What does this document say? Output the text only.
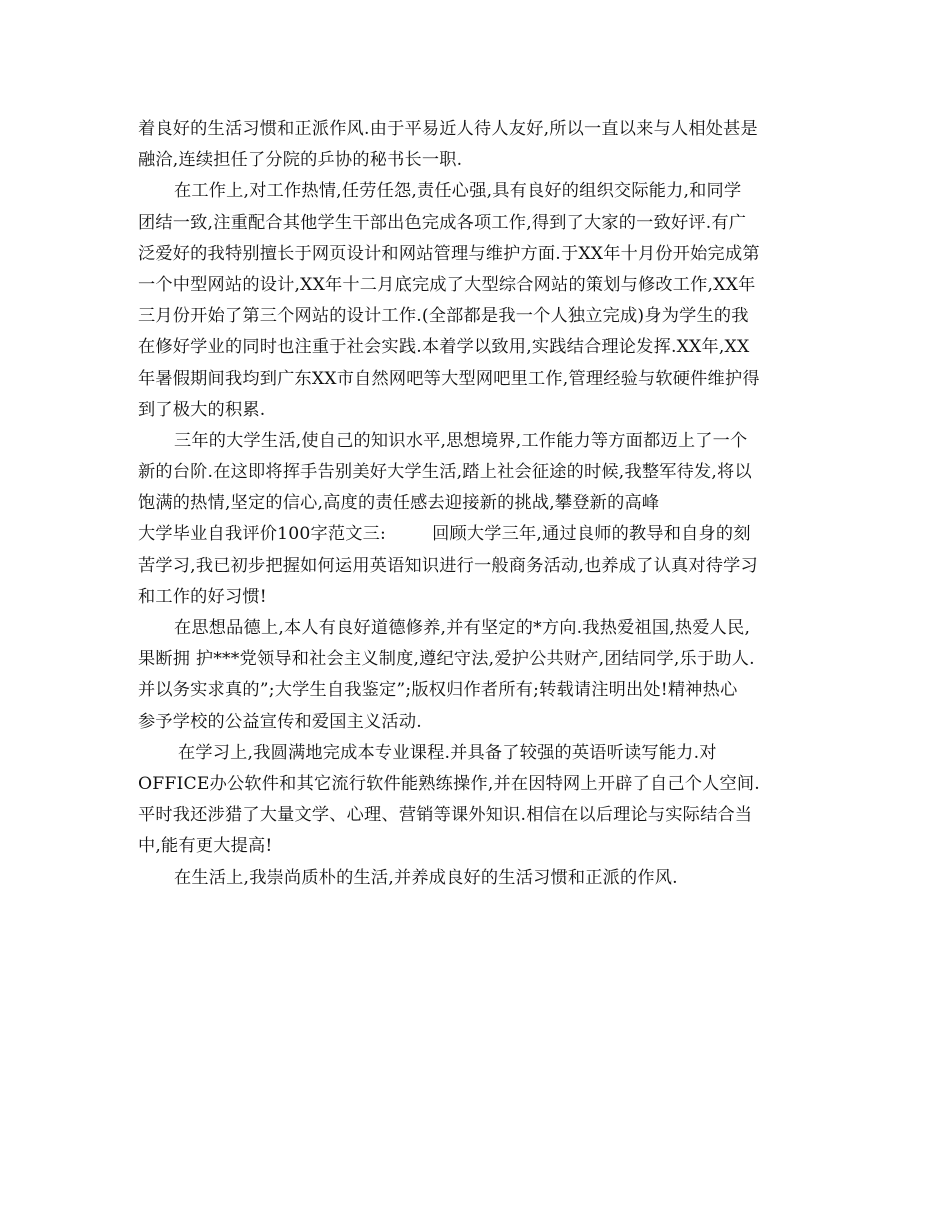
着良好的生活习惯和正派作风.由于平易近人待人友好,所以一直以来与人相处甚是
融洽,连续担任了分院的乒协的秘书长一职.
在工作上,对工作热情,任劳任怨,责任心强,具有良好的组织交际能力,和同学
团结一致,注重配合其他学生干部出色完成各项工作,得到了大家的一致好评.有广
泛爱好的我特别擅长于网页设计和网站管理与维护方面.于XX年十月份开始完成第
一个中型网站的设计,XX年十二月底完成了大型综合网站的策划与修改工作,XX年
三月份开始了第三个网站的设计工作.(全部都是我一个人独立完成)身为学生的我
在修好学业的同时也注重于社会实践.本着学以致用,实践结合理论发挥.XX年,XX
年暑假期间我均到广东XX市自然网吧等大型网吧里工作,管理经验与软硬件维护得
到了极大的积累.
三年的大学生活,使自己的知识水平,思想境界,工作能力等方面都迈上了一个
新的台阶.在这即将挥手告别美好大学生活,踏上社会征途的时候,我整军待发,将以
饱满的热情,坚定的信心,高度的责任感去迎接新的挑战,攀登新的高峰
大学毕业自我评价100字范文三:	回顾大学三年,通过良师的教导和自身的刻
苦学习,我已初步把握如何运用英语知识进行一般商务活动,也养成了认真对待学习
和工作的好习惯!
在思想品德上,本人有良好道德修养,并有坚定的*方向.我热爱祖国,热爱人民,
果断拥 护***党领导和社会主义制度,遵纪守法,爱护公共财产,团结同学,乐于助人.
并以务实求真的”;大学生自我鉴定”;版权归作者所有;转载请注明出处!精神热心
参予学校的公益宣传和爱国主义活动.
在学习上,我圆满地完成本专业课程.并具备了较强的英语听读写能力.对
OFFICE办公软件和其它流行软件能熟练操作,并在因特网上开辟了自己个人空间.
平时我还涉猎了大量文学、心理、营销等课外知识.相信在以后理论与实际结合当
中,能有更大提高!
在生活上,我崇尚质朴的生活,并养成良好的生活习惯和正派的作风.
